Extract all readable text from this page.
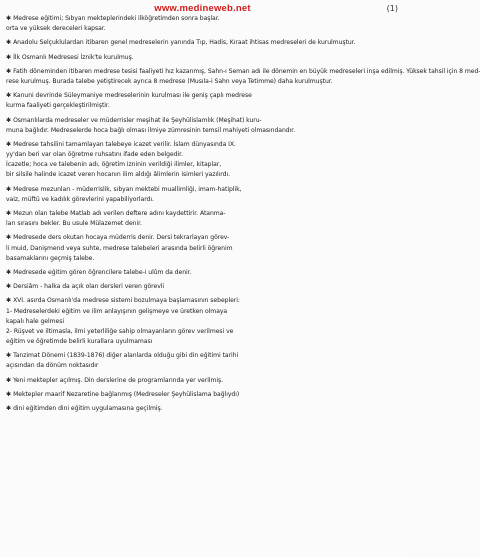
www.medineweb.net	(1)
✱ Medrese eğitimi; Sıbyan mekteplerindeki ilköğretimden sonra başlar.
orta ve yüksek dereceleri kapsar.
✱ Anadolu Selçuklulardan itibaren genel medreselerin yanında Tıp, Hadis, Kıraat ihtisas medreseleri de kurulmuştur.
✱ İlk Osmanlı Medresesi İznik'te kurulmuş.
✱ Fatih döneminden itibaren medrese tesisi faaliyeti hız kazanmış, Sahn-ı Seman adı ile dönemin en büyük medreseleri inşa edilmiş. Yüksek tahsil için 8 med-
rese kurulmuş. Burada talebe yetiştirecek ayrıca 8 medrese (Musıla-i Sahn veya Tetimme) daha kurulmuştur.
✱ Kanuni devrinde Süleymaniye medreselerinin kurulması ile geniş çaplı medrese
kurma faaliyeti gerçekleştirilmiştir.
✱ Osmanlılarda medreseler ve müderrisler meşihat ile Şeyhülislamlık (Meşihat) kuru-
muna bağlıdır. Medreselerde hoca bağlı olması ilmiye zümresinin temsil mahiyeti olmasındandır.
✱ Medrese tahsilini tamamlayan talebeye icazet verilir. İslam dünyasında IX.
yy'dan beri var olan öğretme ruhsatını ifade eden belgedir.
İcazetle; hoca ve talebenin adı, öğretim izninin verildiği ilimler, kitaplar,
bir silsile halinde icazet veren hocanın ilim aldığı âlimlerin isimleri yazılırdı.
✱ Medrese mezunları - müderrislik, sıbyan mektebi muallimliği, imam-hatiplik,
vaiz, müftü ve kadılık görevlerini yapabiliyorlardı.
✱ Mezun olan talebe Matlab adı verilen deftere adını kaydettirir. Atanma-
ları sırasını bekler. Bu usule Mülazemet denir.
✱ Medresede ders okutan hocaya müderris denir. Dersi tekrarlayan görev-
li muid, Danişmend veya suhte, medrese talebeleri arasında belirli öğrenim
basamaklarını geçmiş talebe.
✱ Medresede eğitim gören öğrencilere talebe-i ulûm da denir.
✱ Dersiâm - halka da açık olan dersleri veren görevli
✱ XVI. asırda Osmanlı'da medrese sistemi bozulmaya başlamasının sebepleri:
1- Medreselerdeki eğitim ve ilim anlayışının gelişmeye ve üretken olmaya
kapalı hale gelmesi
2- Rüşvet ve iltimasla, ilmi yeterliliğe sahip olmayanların görev verilmesi ve
eğitim ve öğretimde belirli kurallara uyulmaması
✱ Tanzimat Dönemi (1839-1876) diğer alanlarda olduğu gibi din eğitimi tarihi
açısından da dönüm noktasıdır
✱ Yeni mektepler açılmış. Din derslerine de programlarında yer verilmiş.
✱ Mektepler maarif Nezaretine bağlanmış (Medreseler Şeyhülislama bağlıydı)
✱ dini eğitimden dini eğitim uygulamasına geçilmiş.
